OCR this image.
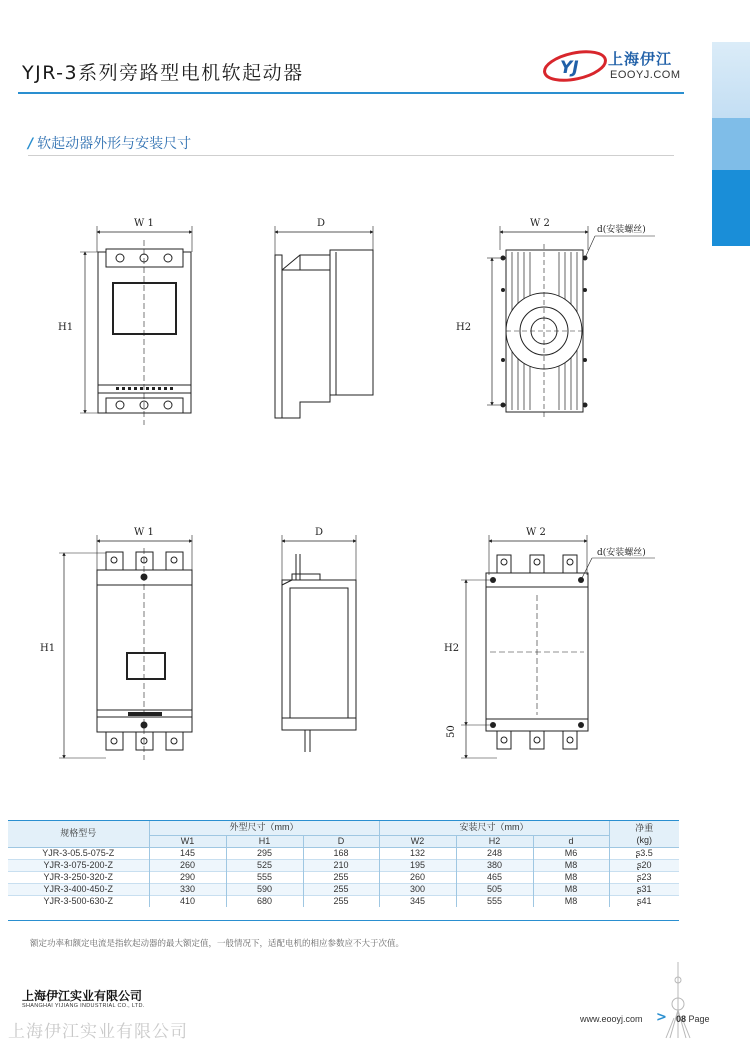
YJR-3系列旁路型电机软起动器	YJ 上海伊江
EOOYJ.COM
/ 软起动器外形与安装尺寸
W 1	D	W 2
d(安装螺丝)
H1	H2
W 1	D	W 2
d(安装螺丝)
H1	H2
50
规格型号	外型尺寸（mm）			安装尺寸（mm）			净重
(kg)

	W1	H1	D	W2	H2	d	
YJR-3-05.5-075-Z	145	295	168	132	248	M6	ʂ3.5
YJR-3-075-200-Z	260	525	210	195	380	M8	ʂ20
YJR-3-250-320-Z	290	555	255	260	465	M8	ʂ23
YJR-3-400-450-Z	330	590	255	300	505	M8	ʂ31
YJR-3-500-630-Z	410	680	255	345	555	M8	ʂ41
额定功率和额定电流是指软起动器的最大额定值，一般情况下，适配电机的相应参数应不大于次值。
上海伊江实业有限公司
SHANGHAI YIJIANG INDUSTRIAL CO., LTD.
上海伊江实业有限公司
www.eooyj.com > 08 Page
